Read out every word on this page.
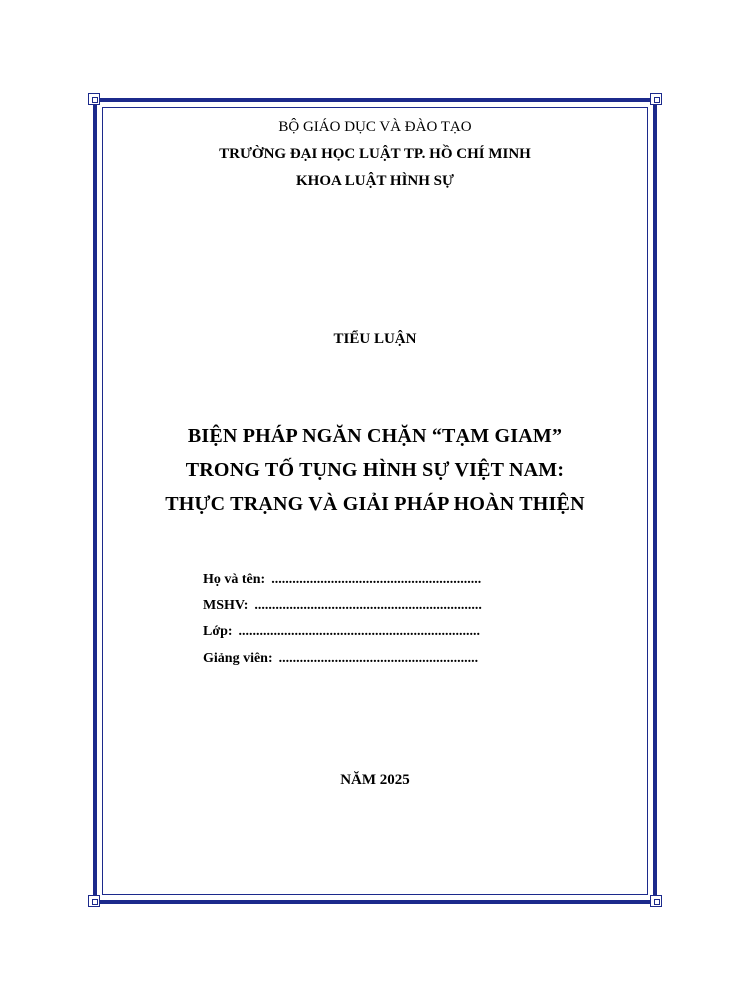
BỘ GIÁO DỤC VÀ ĐÀO TẠO
TRƯỜNG ĐẠI HỌC LUẬT TP. HỒ CHÍ MINH
KHOA LUẬT HÌNH SỰ
TIỂU LUẬN
BIỆN PHÁP NGĂN CHẶN “TẠM GIAM”
TRONG TỐ TỤNG HÌNH SỰ VIỆT NAM:
THỰC TRẠNG VÀ GIẢI PHÁP HOÀN THIỆN
Họ và tên: ............................................................
MSHV: .................................................................
Lớp: .....................................................................
Giảng viên: .........................................................
NĂM 2025
